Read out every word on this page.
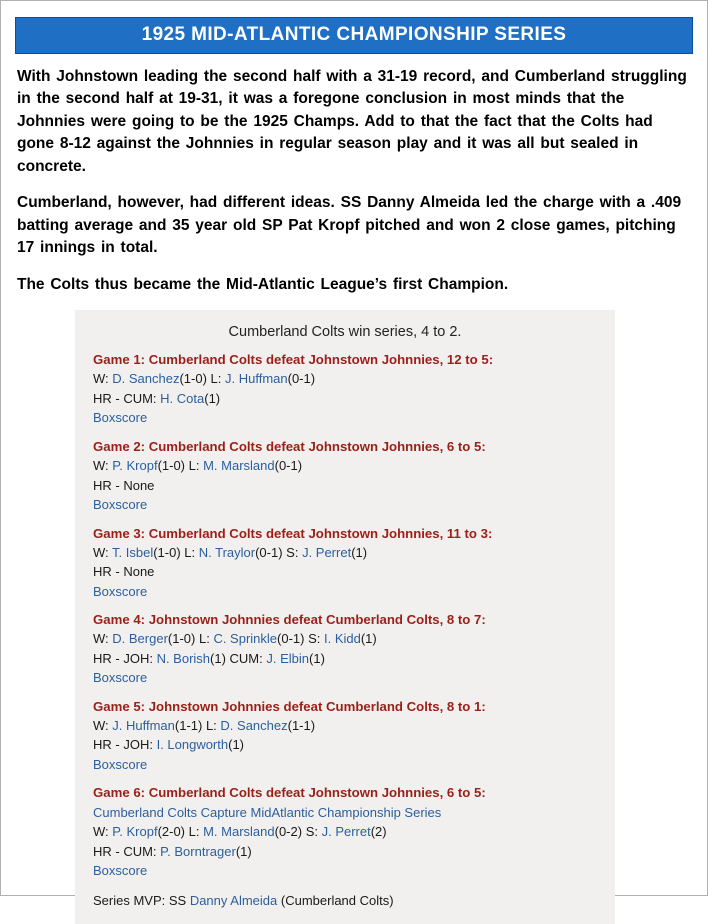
1925 MID-ATLANTIC CHAMPIONSHIP SERIES

With Johnstown leading the second half with a 31-19 record, and Cumberland struggling in the second half at 19-31, it was a foregone conclusion in most minds that the Johnnies were going to be the 1925 Champs. Add to that the fact that the Colts had gone 8-12 against the Johnnies in regular season play and it was all but sealed in concrete.

Cumberland, however, had different ideas. SS Danny Almeida led the charge with a .409 batting average and 35 year old SP Pat Kropf pitched and won 2 close games, pitching 17 innings in total.

The Colts thus became the Mid-Atlantic League’s first Champion.

Cumberland Colts win series, 4 to 2.
Game 1: Cumberland Colts defeat Johnstown Johnnies, 12 to 5:
W: D. Sanchez(1-0) L: J. Huffman(0-1)
HR - CUM: H. Cota(1)
Boxscore
Game 2: Cumberland Colts defeat Johnstown Johnnies, 6 to 5:
W: P. Kropf(1-0) L: M. Marsland(0-1)
HR - None
Boxscore
Game 3: Cumberland Colts defeat Johnstown Johnnies, 11 to 3:
W: T. Isbel(1-0) L: N. Traylor(0-1) S: J. Perret(1)
HR - None
Boxscore
Game 4: Johnstown Johnnies defeat Cumberland Colts, 8 to 7:
W: D. Berger(1-0) L: C. Sprinkle(0-1) S: I. Kidd(1)
HR - JOH: N. Borish(1) CUM: J. Elbin(1)
Boxscore
Game 5: Johnstown Johnnies defeat Cumberland Colts, 8 to 1:
W: J. Huffman(1-1) L: D. Sanchez(1-1)
HR - JOH: I. Longworth(1)
Boxscore
Game 6: Cumberland Colts defeat Johnstown Johnnies, 6 to 5:
Cumberland Colts Capture MidAtlantic Championship Series
W: P. Kropf(2-0) L: M. Marsland(0-2) S: J. Perret(2)
HR - CUM: P. Borntrager(1)
Boxscore
Series MVP: SS Danny Almeida (Cumberland Colts)
